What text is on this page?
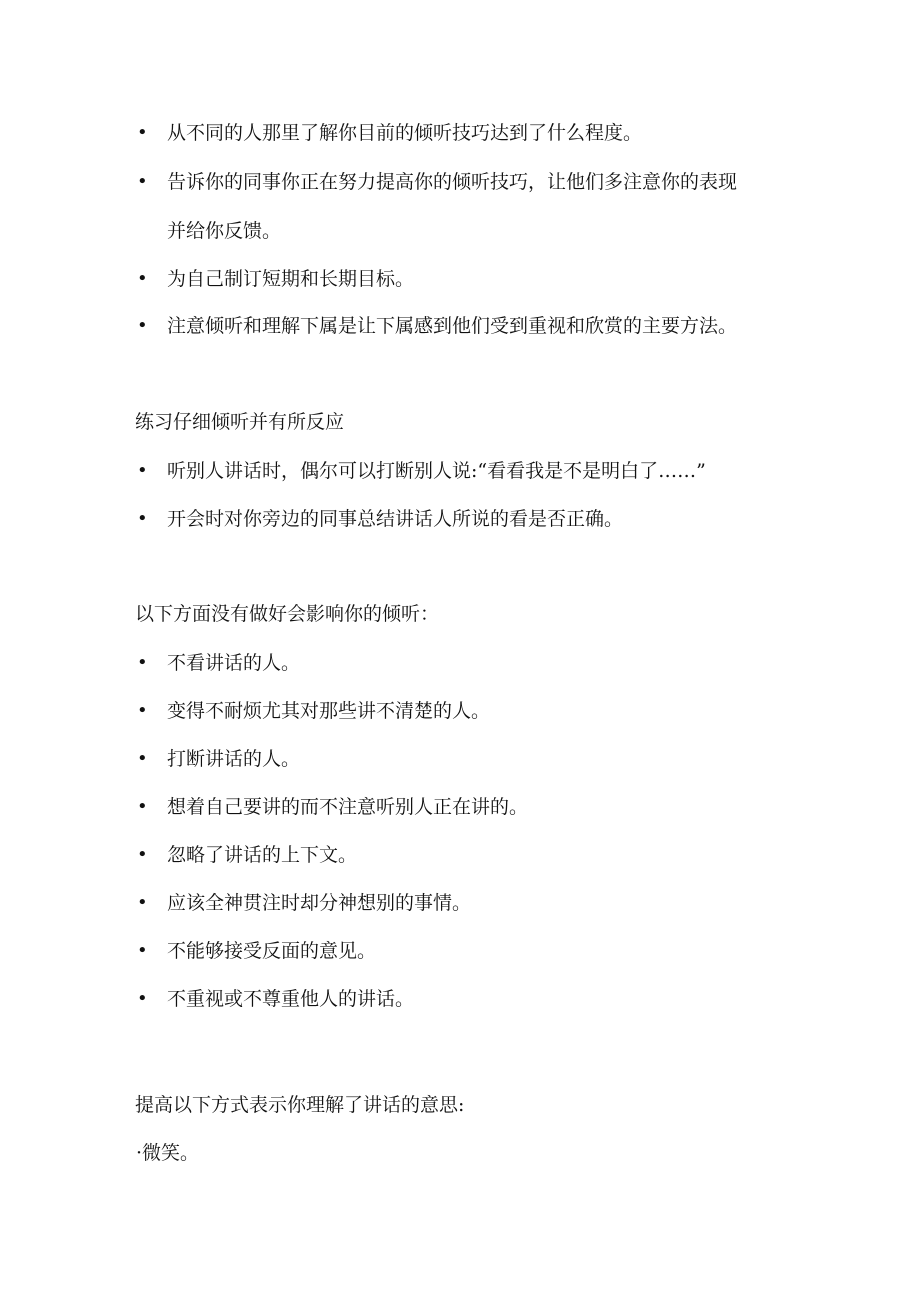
• 从不同的人那里了解你目前的倾听技巧达到了什么程度。
• 告诉你的同事你正在努力提高你的倾听技巧，让他们多注意你的表现
并给你反馈。
• 为自己制订短期和长期目标。
• 注意倾听和理解下属是让下属感到他们受到重视和欣赏的主要方法。
练习仔细倾听并有所反应
• 听别人讲话时，偶尔可以打断别人说:“看看我是不是明白了……”
• 开会时对你旁边的同事总结讲话人所说的看是否正确。
以下方面没有做好会影响你的倾听：
• 不看讲话的人。
• 变得不耐烦尤其对那些讲不清楚的人。
• 打断讲话的人。
• 想着自己要讲的而不注意听别人正在讲的。
• 忽略了讲话的上下文。
• 应该全神贯注时却分神想别的事情。
• 不能够接受反面的意见。
• 不重视或不尊重他人的讲话。
提高以下方式表示你理解了讲话的意思:
·微笑。
